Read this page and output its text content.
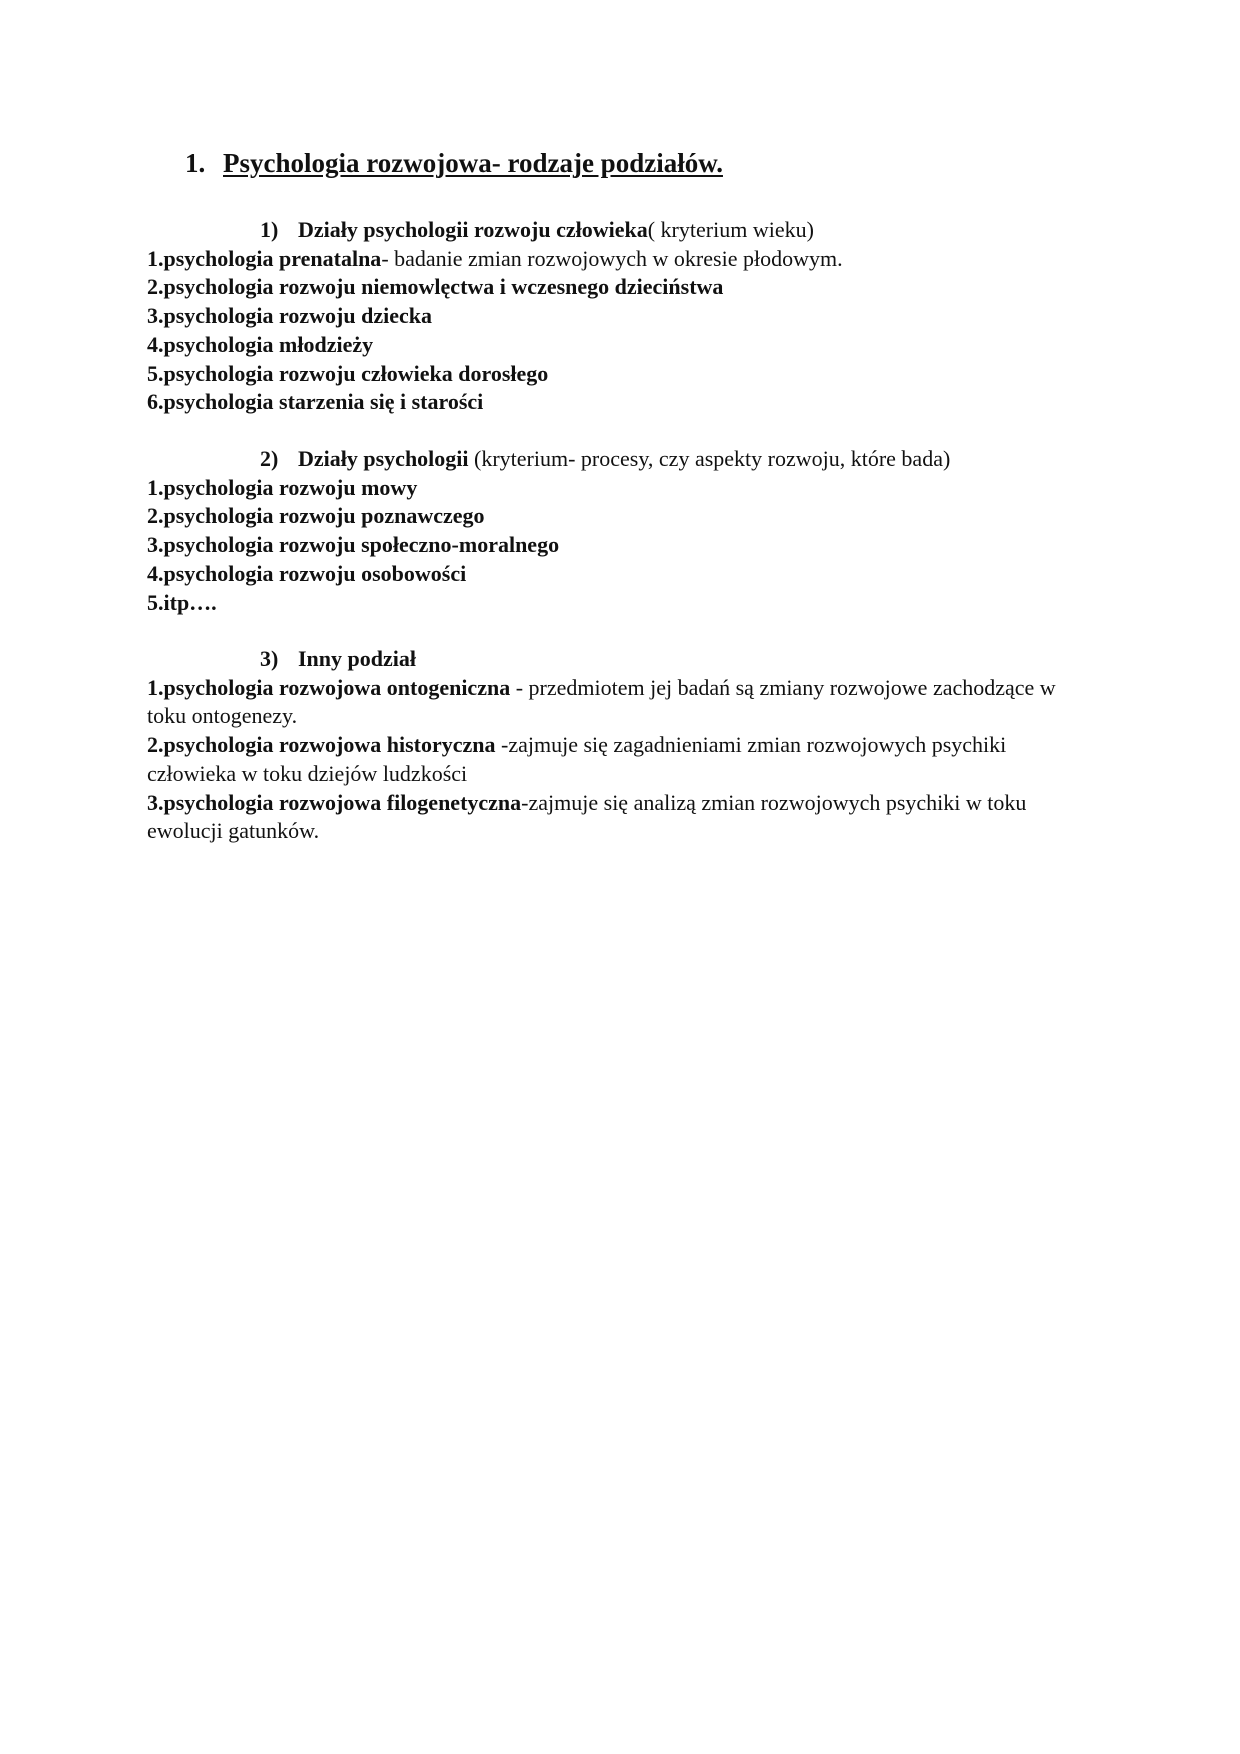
1. Psychologia rozwojowa- rodzaje podziałów.
1) Działy psychologii rozwoju człowieka( kryterium wieku)
1.psychologia prenatalna- badanie zmian rozwojowych w okresie płodowym.
2.psychologia rozwoju niemowlęctwa i wczesnego dzieciństwa
3.psychologia rozwoju dziecka
4.psychologia młodzieży
5.psychologia rozwoju człowieka dorosłego
6.psychologia starzenia się i starości
2) Działy psychologii (kryterium- procesy, czy aspekty rozwoju, które bada)
1.psychologia rozwoju mowy
2.psychologia rozwoju poznawczego
3.psychologia rozwoju społeczno-moralnego
4.psychologia rozwoju osobowości
5.itp….
3) Inny podział
1.psychologia rozwojowa ontogeniczna - przedmiotem jej badań są zmiany rozwojowe zachodzące w toku ontogenezy.
2.psychologia rozwojowa historyczna -zajmuje się zagadnieniami zmian rozwojowych psychiki człowieka w toku dziejów ludzkości
3.psychologia rozwojowa filogenetyczna-zajmuje się analizą zmian rozwojowych psychiki w toku ewolucji gatunków.
